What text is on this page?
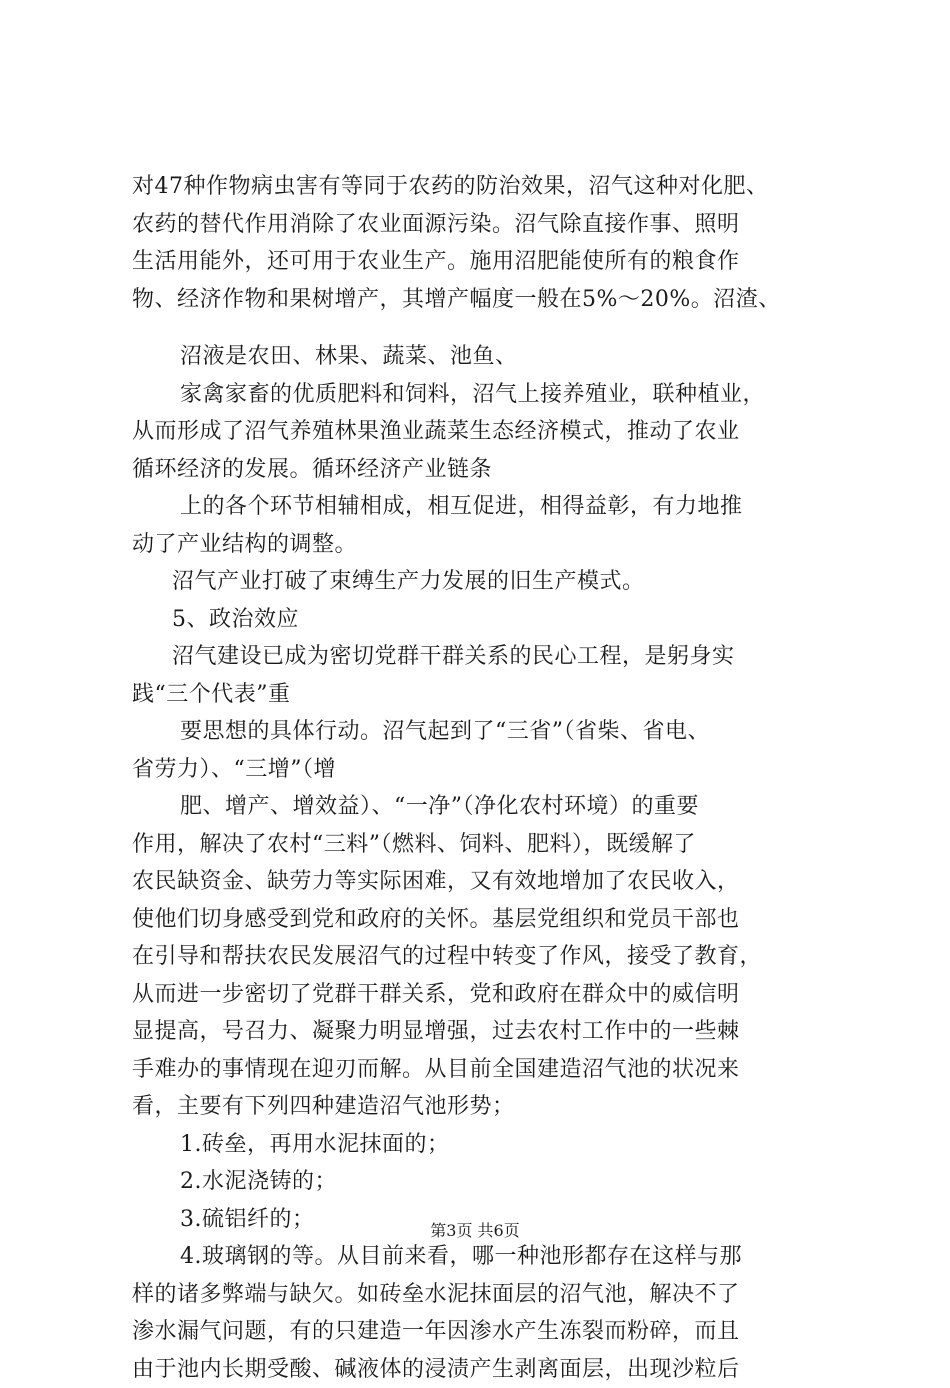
对47种作物病虫害有等同于农药的防治效果，沼气这种对化肥、
农药的替代作用消除了农业面源污染。沼气除直接作事、照明
生活用能外，还可用于农业生产。施用沼肥能使所有的粮食作
物、经济作物和果树增产，其增产幅度一般在5%～20%。沼渣、
沼液是农田、林果、蔬菜、池鱼、
家禽家畜的优质肥料和饲料，沼气上接养殖业，联种植业，
从而形成了沼气养殖林果渔业蔬菜生态经济模式，推动了农业
循环经济的发展。循环经济产业链条
上的各个环节相辅相成，相互促进，相得益彰，有力地推
动了产业结构的调整。
沼气产业打破了束缚生产力发展的旧生产模式。
5、政治效应
沼气建设已成为密切党群干群关系的民心工程，是躬身实
践“三个代表”重
要思想的具体行动。沼气起到了“三省”（省柴、省电、
省劳力）、“三增”（增
肥、增产、增效益）、“一净”（净化农村环境）的重要
作用，解决了农村“三料”（燃料、饲料、肥料），既缓解了
农民缺资金、缺劳力等实际困难，又有效地增加了农民收入，
使他们切身感受到党和政府的关怀。基层党组织和党员干部也
在引导和帮扶农民发展沼气的过程中转变了作风，接受了教育，
从而进一步密切了党群干群关系，党和政府在群众中的威信明
显提高，号召力、凝聚力明显增强，过去农村工作中的一些棘
手难办的事情现在迎刃而解。从目前全国建造沼气池的状况来
看，主要有下列四种建造沼气池形势；
1.砖垒，再用水泥抹面的；
2.水泥浇铸的；
3.硫铝纤的；
4.玻璃钢的等。从目前来看，哪一种池形都存在这样与那
样的诸多弊端与缺欠。如砖垒水泥抹面层的沼气池，解决不了
渗水漏气问题，有的只建造一年因渗水产生冻裂而粉碎，而且
由于池内长期受酸、碱液体的浸渍产生剥离面层，出现沙粒后
第3页 共6页
